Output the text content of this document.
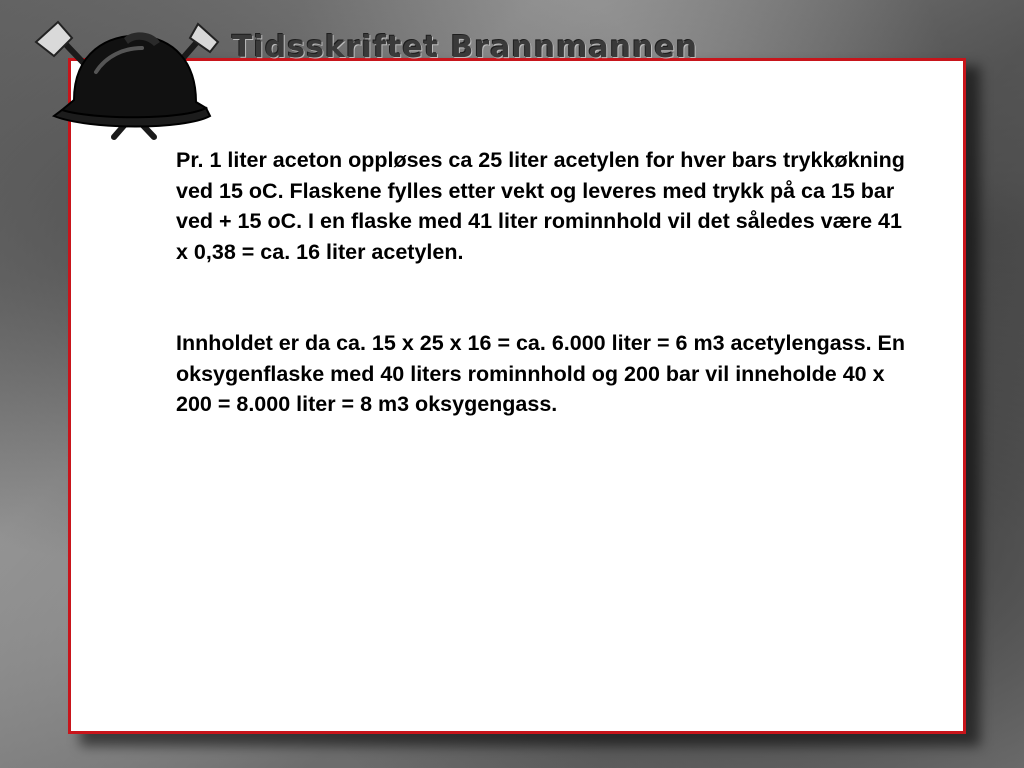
Tidsskriftet Brannmannen

Pr. 1 liter aceton oppløses ca 25 liter acetylen for hver bars trykkøkning ved 15 oC. Flaskene fylles etter vekt og leveres med trykk på ca 15 bar ved + 15 oC. I en flaske med 41 liter rominnhold vil det således være 41 x 0,38 = ca. 16 liter acetylen.

Innholdet er da ca. 15 x 25 x 16 = ca. 6.000 liter = 6 m3 acetylengass. En oksygenflaske med 40 liters rominnhold og 200 bar vil inneholde 40 x 200 = 8.000 liter = 8 m3 oksygengass.
